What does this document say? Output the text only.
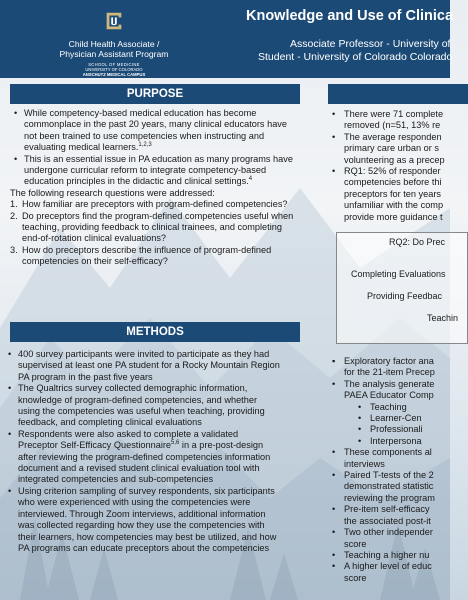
Child Health Associate /
Physician Assistant Program
SCHOOL OF MEDICINE
UNIVERSITY OF COLORADO
ANSCHUTZ MEDICAL CAMPUS
Knowledge and Use of Clinica
Associate Professor - University of
Student - University of Colorado Colorado
PURPOSE
• While competency-based medical education has become commonplace in the past 20 years, many clinical educators have not been trained to use competencies when instructing and evaluating medical learners.$^{1,2,3}$
• This is an essential issue in PA education as many programs have undergone curricular reform to integrate competency-based education principles in the didactic and clinical settings.$^4$

The following research questions were addressed:

1. How familiar are preceptors with program-defined competencies?
2. Do preceptors find the program-defined competencies useful when teaching, providing feedback to clinical trainees, and completing end-of-rotation clinical evaluations?
3. How do preceptors describe the influence of program-defined competencies on their self-efficacy?
METHODS
• 400 survey participants were invited to participate as they had supervised at least one PA student for a Rocky Mountain Region PA program in the past five years
• The Qualtrics survey collected demographic information, knowledge of program-defined competencies, and whether using the competencies was useful when teaching, providing feedback, and completing clinical evaluations
• Respondents were also asked to complete a validated Preceptor Self-Efficacy Questionnaire$^{5,6}$ in a pre-post-design after reviewing the program-defined competencies information document and a revised student clinical evaluation tool with integrated competencies and sub-competencies
• Using criterion sampling of survey respondents, six participants who were experienced with using the competencies were interviewed. Through Zoom interviews, additional information was collected regarding how they use the competencies with their learners, how competencies may best be utilized, and how PA programs can educate preceptors about the competencies
• There were 71 complete
removed (n=51, 13% re
• The average responden
primary care urban or s
volunteering as a precep
• RQ1: 52% of responder
competencies before thi
preceptors for ten years
unfamiliar with the comp
provide more guidance t
RQ2: Do Prec
Completing Evaluations
Providing Feedbac
Teachin
▪ Exploratory factor ana
for the 21-item Precep
• The analysis generate
PAEA Educator Comp
• Teaching
• Learner-Cen
• Professionali
• Interpersona
• These components al
interviews
• Paired T-tests of the 2
demonstrated statistic
reviewing the program
• Pre-item self-efficacy
the associated post-it
• Two other independer
score
• Teaching a higher nu
• A higher level of educ
score
